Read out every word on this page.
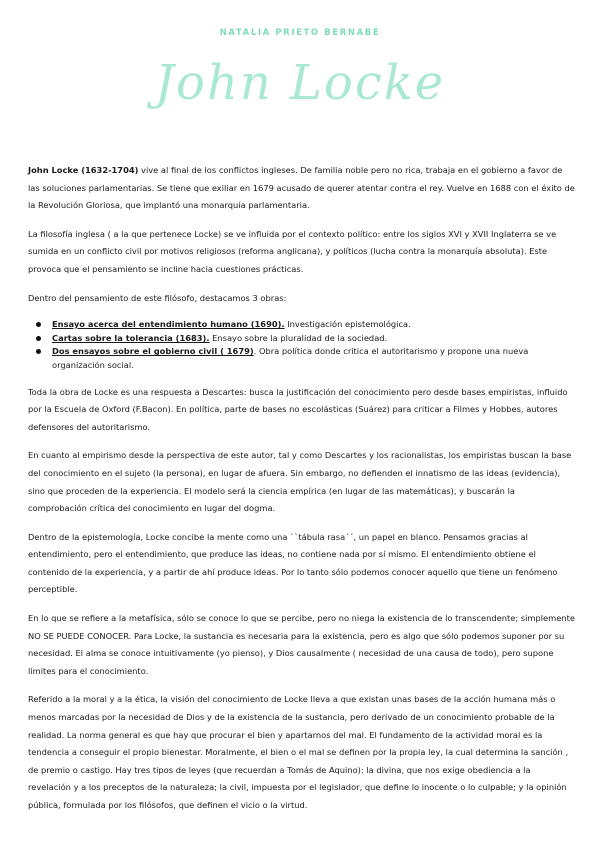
NATALIA PRIETO BERNABÉ
John Locke

John Locke (1632-1704) vive al final de los conflictos ingleses. De familia noble pero no rica, trabaja en el gobierno a favor de las soluciones parlamentarias. Se tiene que exiliar en 1679 acusado de querer atentar contra el rey. Vuelve en 1688 con el éxito de la Revolución Gloriosa, que implantó una monarquía parlamentaria.

La filosofía inglesa ( a la que pertenece Locke) se ve influida por el contexto político: entre los siglos XVI y XVII Inglaterra se ve sumida en un conflicto civil por motivos religiosos (reforma anglicana), y políticos (lucha contra la monarquía absoluta). Este provoca que el pensamiento se incline hacia cuestiones prácticas.

Dentro del pensamiento de este filósofo, destacamos 3 obras:

Ensayo acerca del entendimiento humano (1690). Investigación epistemológica.
Cartas sobre la tolerancia (1683). Ensayo sobre la pluralidad de la sociedad.
Dos ensayos sobre el gobierno civil ( 1679). Obra política donde critica el autoritarismo y propone una nueva organización social.

Toda la obra de Locke es una respuesta a Descartes: busca la justificación del conocimiento pero desde bases empiristas, influido por la Escuela de Oxford (F.Bacon). En política, parte de bases no escolásticas (Suárez) para criticar a Filmes y Hobbes, autores defensores del autoritarismo.

En cuanto al empirismo desde la perspectiva de este autor, tal y como Descartes y los racionalistas, los empiristas buscan la base del conocimiento en el sujeto (la persona), en lugar de afuera. Sin embargo, no defienden el innatismo de las ideas (evidencia), sino que proceden de la experiencia. El modelo será la ciencia empírica (en lugar de las matemáticas), y buscarán la comprobación crítica del conocimiento en lugar del dogma.

Dentro de la epistemología, Locke concibe la mente como una ``tábula rasa´´, un papel en blanco. Pensamos gracias al entendimiento, pero el entendimiento, que produce las ideas, no contiene nada por sí mismo. El entendimiento obtiene el contenido de la experiencia, y a partir de ahí produce ideas. Por lo tanto sólo podemos conocer aquello que tiene un fenómeno perceptible.

En lo que se refiere a la metafísica, sólo se conoce lo que se percibe, pero no niega la existencia de lo transcendente; simplemente NO SE PUEDE CONOCER. Para Locke, la sustancia es necesaria para la existencia, pero es algo que sólo podemos suponer por su necesidad. El alma se conoce intuitivamente (yo pienso), y Dios causalmente ( necesidad de una causa de todo), pero supone límites para el conocimiento.

Referido a la moral y a la ética, la visión del conocimiento de Locke lleva a que existan unas bases de la acción humana más o menos marcadas por la necesidad de Dios y de la existencia de la sustancia, pero derivado de un conocimiento probable de la realidad. La norma general es que hay que procurar el bien y apartarnos del mal. El fundamento de la actividad moral es la tendencia a conseguir el propio bienestar. Moralmente, el bien o el mal se definen por la propia ley, la cual determina la sanción , de premio o castigo. Hay tres tipos de leyes (que recuerdan a Tomás de Aquino): la divina, que nos exige obediencia a la revelación y a los preceptos de la naturaleza; la civil, impuesta por el legislador, que define lo inocente o lo culpable; y la opinión pública, formulada por los filósofos, que definen el vicio o la virtud.
